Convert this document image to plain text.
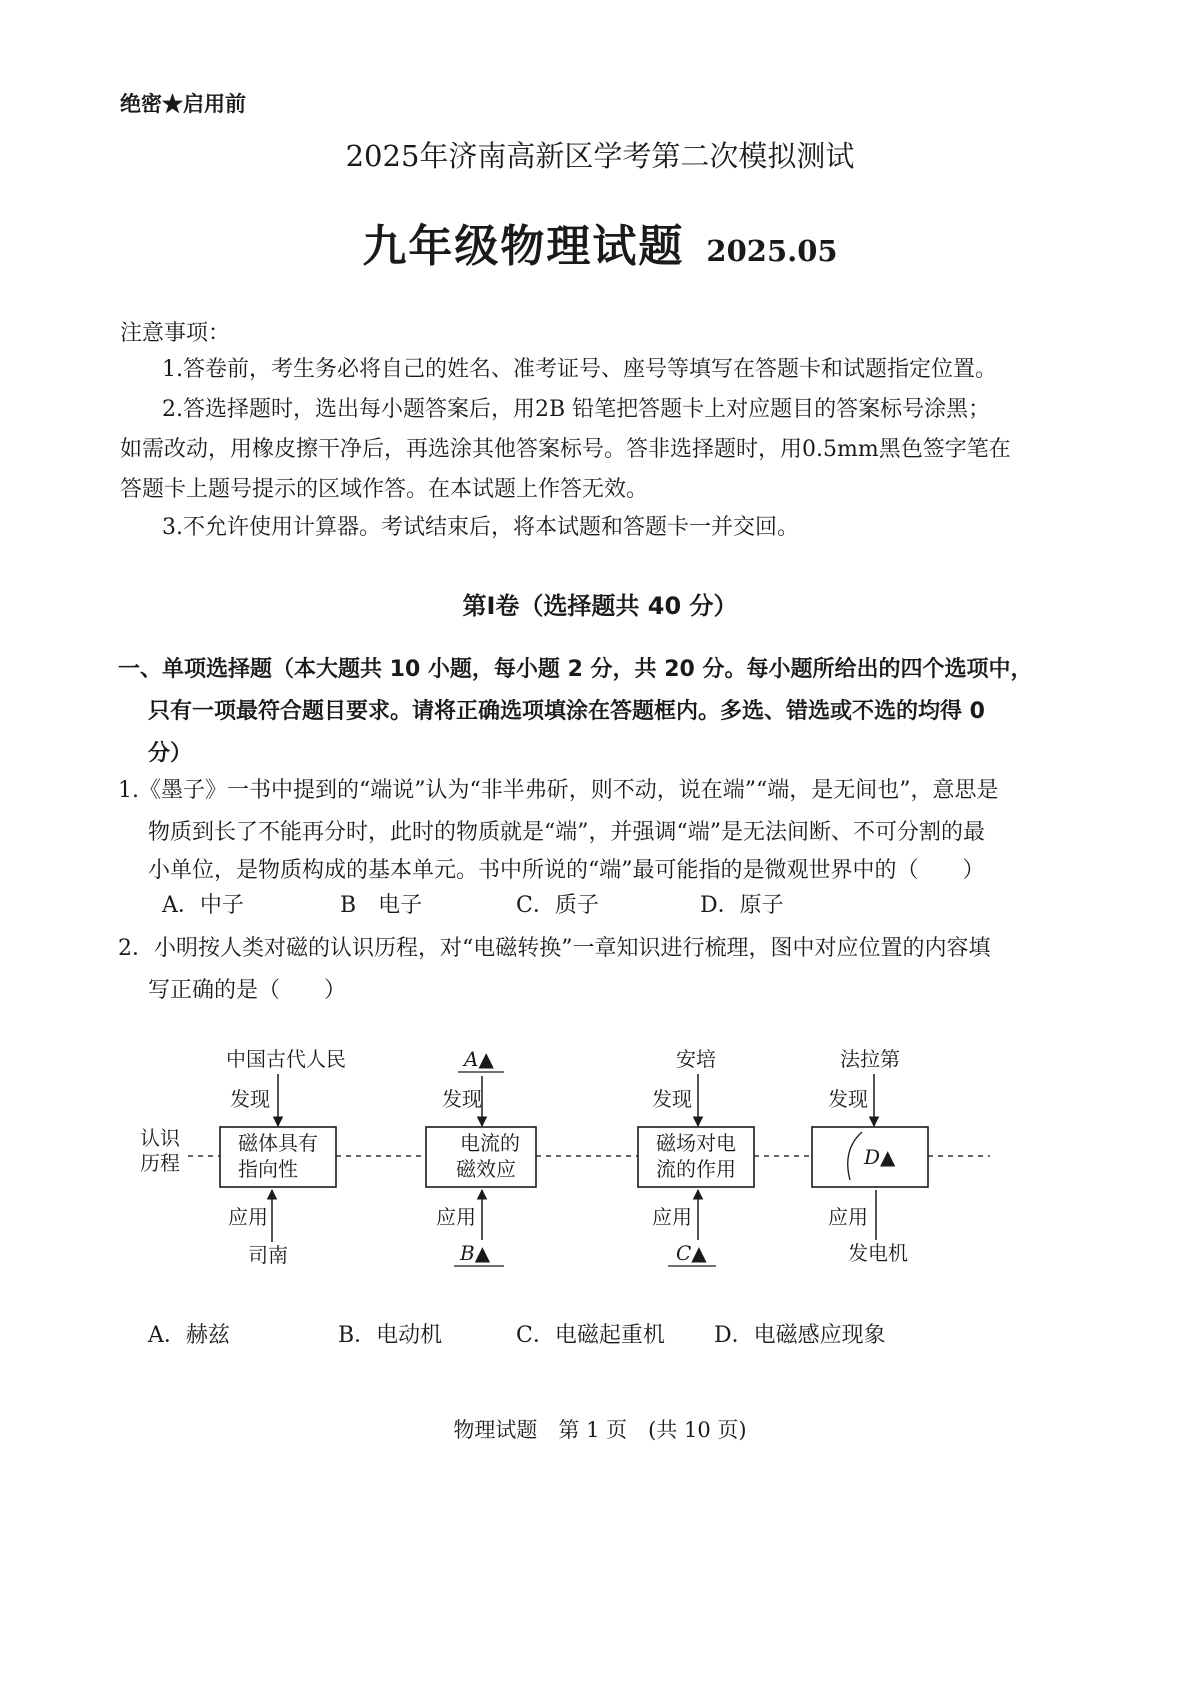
绝密★启用前
2025年济南高新区学考第二次模拟测试
九年级物理试题 2025.05
注意事项：
1.答卷前，考生务必将自己的姓名、准考证号、座号等填写在答题卡和试题指定位置。
2.答选择题时，选出每小题答案后，用2B 铅笔把答题卡上对应题目的答案标号涂黑；
如需改动，用橡皮擦干净后，再选涂其他答案标号。答非选择题时，用0.5mm黑色签字笔在
答题卡上题号提示的区域作答。在本试题上作答无效。
3.不允许使用计算器。考试结束后，将本试题和答题卡一并交回。
第Ⅰ卷（选择题共 40 分）
一、单项选择题（本大题共 10 小题，每小题 2 分，共 20 分。每小题所给出的四个选项中，
只有一项最符合题目要求。请将正确选项填涂在答题框内。多选、错选或不选的均得 0
分）
1.《墨子》一书中提到的“端说”认为“非半弗斫，则不动，说在端”“端，是无间也”，意思是
物质到长了不能再分时，此时的物质就是“端”，并强调“端”是无法间断、不可分割的最
小单位，是物质构成的基本单元。书中所说的“端”最可能指的是微观世界中的（　　）
A．中子	B　电子	C．质子	D．原子
2．小明按人类对磁的认识历程，对“电磁转换”一章知识进行梳理，图中对应位置的内容填
写正确的是（　　）
认识
历程
中国古代人民
发现
磁体具有
指向性
应用
司南
A▲
发现
电流的
磁效应
应用
B▲
安培
发现
磁场对电
流的作用
应用
C▲
法拉第
发现
D▲
应用
发电机
A．赫兹	B．电动机	C．电磁起重机 D．电磁感应现象
物理试题　第 1 页　(共 10 页)
